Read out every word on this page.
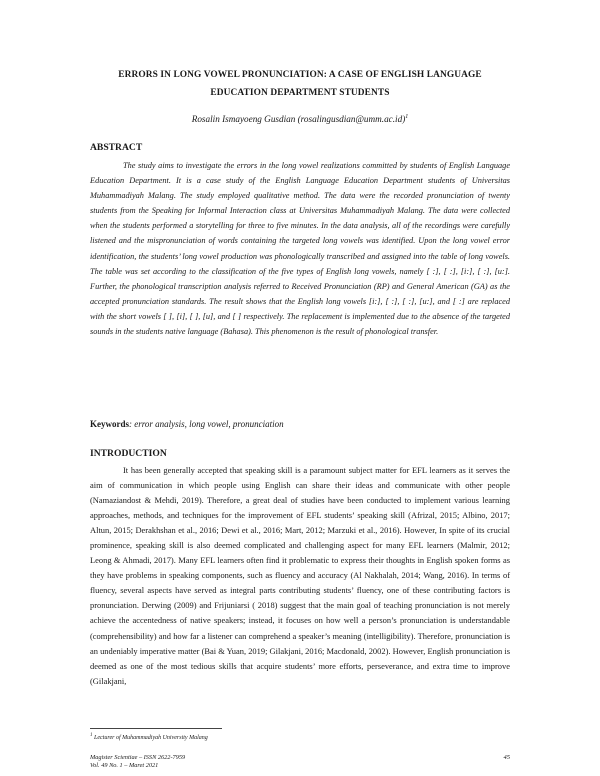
ERRORS IN LONG VOWEL PRONUNCIATION: A CASE OF ENGLISH LANGUAGE
EDUCATION DEPARTMENT STUDENTS
Rosalin Ismayoeng Gusdian (rosalingusdian@umm.ac.id)$^1$
ABSTRACT
The study aims to investigate the errors in the long vowel realizations committed by students of English Language Education Department. It is a case study of the English Language Education Department students of Universitas Muhammadiyah Malang. The study employed qualitative method. The data were the recorded pronunciation of twenty students from the Speaking for Informal Interaction class at Universitas Muhammadiyah Malang. The data were collected when the students performed a storytelling for three to five minutes. In the data analysis, all of the recordings were carefully listened and the mispronunciation of words containing the targeted long vowels was identified. Upon the long vowel error identification, the students’ long vowel production was phonologically transcribed and assigned into the table of long vowels. The table was set according to the classification of the five types of English long vowels, namely [ :], [ :], [i:], [ :], [u:]. Further, the phonological transcription analysis referred to Received Pronunciation (RP) and General American (GA) as the accepted pronunciation standards. The result shows that the English long vowels [i:], [ :], [ :], [u:], and [ :] are replaced with the short vowels [ ], [i], [ ], [u], and [ ] respectively. The replacement is implemented due to the absence of the targeted sounds in the students native language (Bahasa). This phenomenon is the result of phonological transfer.
Keywords: error analysis, long vowel, pronunciation
INTRODUCTION
It has been generally accepted that speaking skill is a paramount subject matter for EFL learners as it serves the aim of communication in which people using English can share their ideas and communicate with other people (Namaziandost & Mehdi, 2019). Therefore, a great deal of studies have been conducted to implement various learning approaches, methods, and techniques for the improvement of EFL students’ speaking skill (Afrizal, 2015; Albino, 2017; Altun, 2015; Derakhshan et al., 2016; Dewi et al., 2016; Mart, 2012; Marzuki et al., 2016). However, In spite of its crucial prominence, speaking skill is also deemed complicated and challenging aspect for many EFL learners (Malmir, 2012; Leong & Ahmadi, 2017). Many EFL learners often find it problematic to express their thoughts in English spoken forms as they have problems in speaking components, such as fluency and accuracy (Al Nakhalah, 2014; Wang, 2016). In terms of fluency, several aspects have served as integral parts contributing students’ fluency, one of these contributing factors is pronunciation. Derwing (2009) and Frijuniarsi ( 2018) suggest that the main goal of teaching pronunciation is not merely achieve the accentedness of native speakers; instead, it focuses on how well a person’s pronunciation is understandable (comprehensibility) and how far a listener can comprehend a speaker’s meaning (intelligibility). Therefore, pronunciation is an undeniably imperative matter (Bai & Yuan, 2019; Gilakjani, 2016; Macdonald, 2002). However, English pronunciation is deemed as one of the most tedious skills that acquire students’ more efforts, perseverance, and extra time to improve (Gilakjani,
$^1$ Lecturer of Muhammadiyah University Malang
Magister Scientiae – ISSN 2622-7959
Vol. 49 No. 1 – Maret 2021
45
